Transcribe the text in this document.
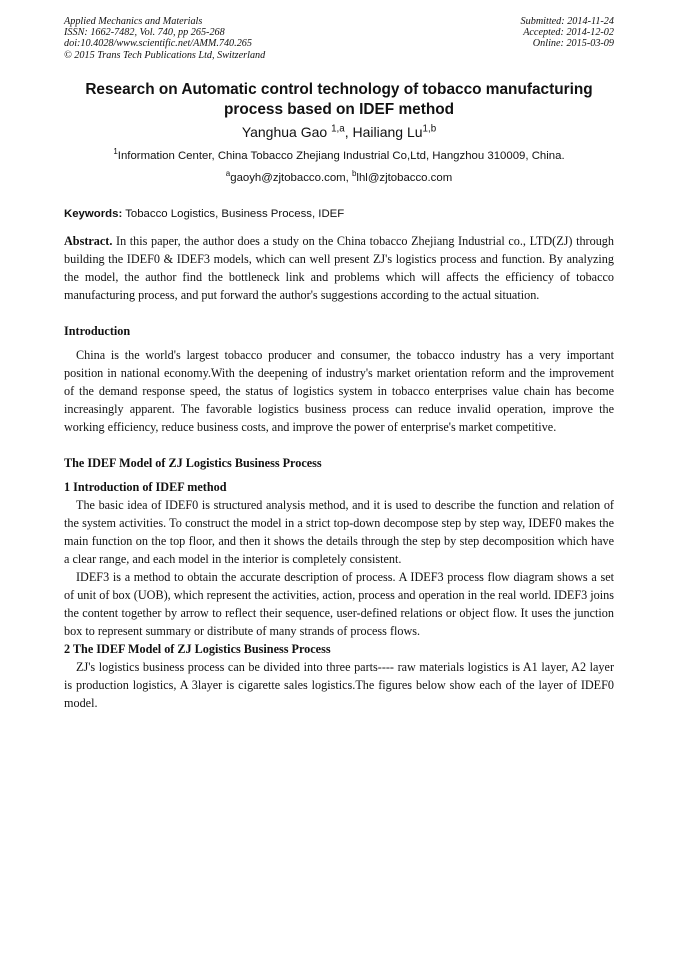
Applied Mechanics and Materials
ISSN: 1662-7482, Vol. 740, pp 265-268
doi:10.4028/www.scientific.net/AMM.740.265
© 2015 Trans Tech Publications Ltd, Switzerland
Submitted: 2014-11-24
Accepted: 2014-12-02
Online: 2015-03-09
Research on Automatic control technology of tobacco manufacturing
process based on IDEF method
Yanghua Gao $^{1,a}$, Hailiang Lu$^{1,b}$
$^1$Information Center, China Tobacco Zhejiang Industrial Co,Ltd, Hangzhou 310009, China.
$^a$gaoyh@zjtobacco.com, $^b$lhl@zjtobacco.com
Keywords: Tobacco Logistics, Business Process, IDEF

Abstract. In this paper, the author does a study on the China tobacco Zhejiang Industrial co., LTD(ZJ) through building the IDEF0 & IDEF3 models, which can well present ZJ's logistics process and function. By analyzing the model, the author find the bottleneck link and problems which will affects the efficiency of tobacco manufacturing process, and put forward the author's suggestions according to the actual situation.

Introduction

China is the world's largest tobacco producer and consumer, the tobacco industry has a very important position in national economy.With the deepening of industry's market orientation reform and the improvement of the demand response speed, the status of logistics system in tobacco enterprises value chain has become increasingly apparent. The favorable logistics business process can reduce invalid operation, improve the working efficiency, reduce business costs, and improve the power of enterprise's market competitive.

The IDEF Model of ZJ Logistics Business Process
1 Introduction of IDEF method

The basic idea of IDEF0 is structured analysis method, and it is used to describe the function and relation of the system activities. To construct the model in a strict top-down decompose step by step way, IDEF0 makes the main function on the top floor, and then it shows the details through the step by step decomposition which have a clear range, and each model in the interior is completely consistent.

IDEF3 is a method to obtain the accurate description of process. A IDEF3 process flow diagram shows a set of unit of box (UOB), which represent the activities, action, process and operation in the real world. IDEF3 joins the content together by arrow to reflect their sequence, user-defined relations or object flow. It uses the junction box to represent summary or distribute of many strands of process flows.

2 The IDEF Model of ZJ Logistics Business Process

ZJ's logistics business process can be divided into three parts---- raw materials logistics is A1 layer, A2 layer is production logistics, A 3layer is cigarette sales logistics.The figures below show each of the layer of IDEF0 model.
